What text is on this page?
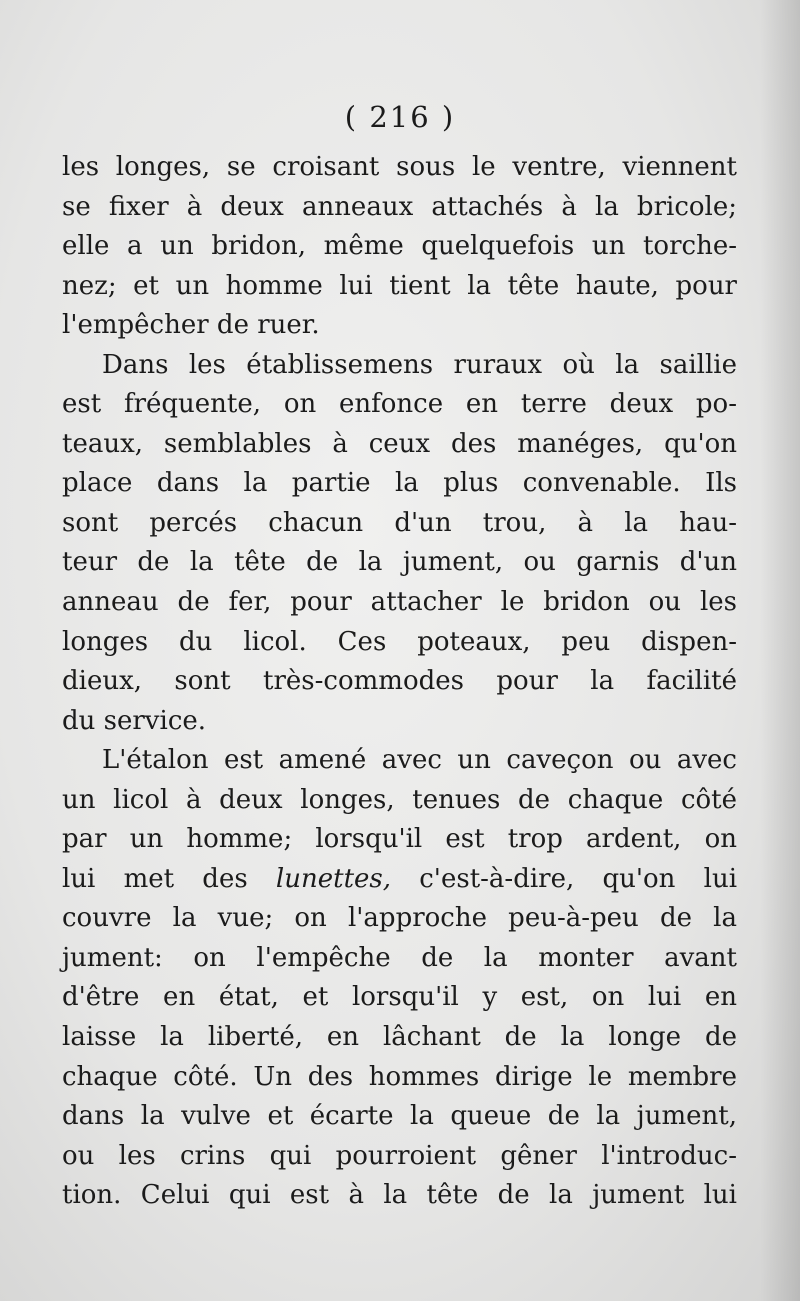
( 216 )
les longes, se croisant sous le ventre, viennent
se fixer à deux anneaux attachés à la bricole;
elle a un bridon, même quelquefois un torche-
nez; et un homme lui tient la tête haute, pour
l'empêcher de ruer.
Dans les établissemens ruraux où la saillie
est fréquente, on enfonce en terre deux po-
teaux, semblables à ceux des manéges, qu'on
place dans la partie la plus convenable. Ils
sont percés chacun d'un trou, à la hau-
teur de la tête de la jument, ou garnis d'un
anneau de fer, pour attacher le bridon ou les
longes du licol. Ces poteaux, peu dispen-
dieux, sont très-commodes pour la facilité
du service.
L'étalon est amené avec un caveçon ou avec
un licol à deux longes, tenues de chaque côté
par un homme; lorsqu'il est trop ardent, on
lui met des lunettes, c'est-à-dire, qu'on lui
couvre la vue; on l'approche peu-à-peu de la
jument: on l'empêche de la monter avant
d'être en état, et lorsqu'il y est, on lui en
laisse la liberté, en lâchant de la longe de
chaque côté. Un des hommes dirige le membre
dans la vulve et écarte la queue de la jument,
ou les crins qui pourroient gêner l'introduc-
tion. Celui qui est à la tête de la jument lui
